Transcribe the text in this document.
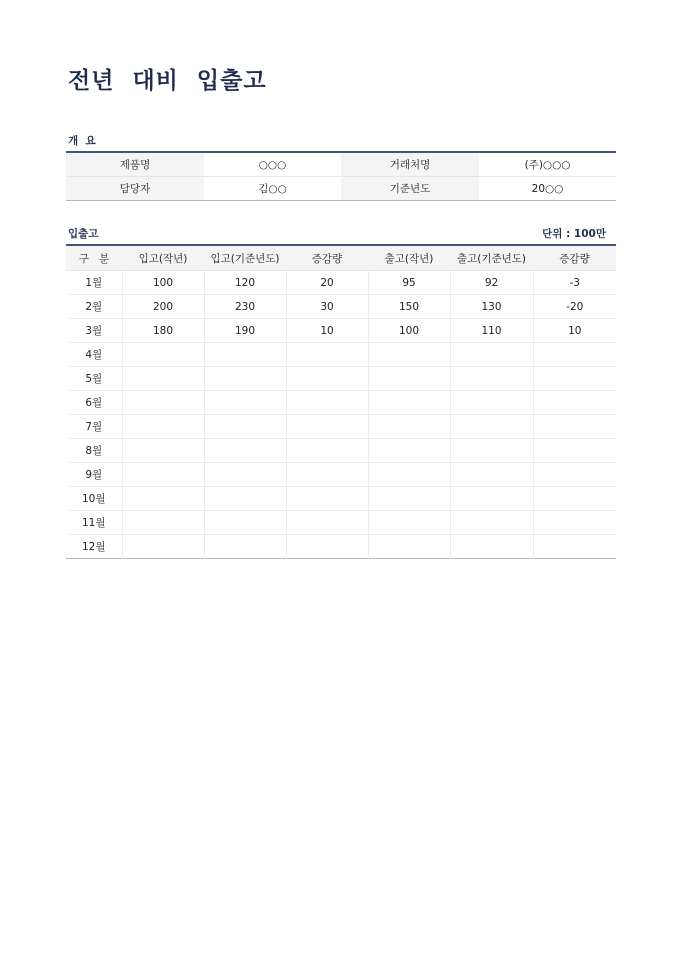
전년  대비  입출고
개  요
제품명	○○○	거래처명	(주)○○○
담당자	김○○	기준년도	20○○
입출고	단위 : 100만
구   분	입고(작년)	입고(기준년도)	증감량	출고(작년)	출고(기준년도)	증감량
1월	100	120	20	95	92	-3
2월	200	230	30	150	130	-20
3월	180	190	10	100	110	10
4월						
5월						
6월						
7월						
8월						
9월						
10월						
11월						
12월						
